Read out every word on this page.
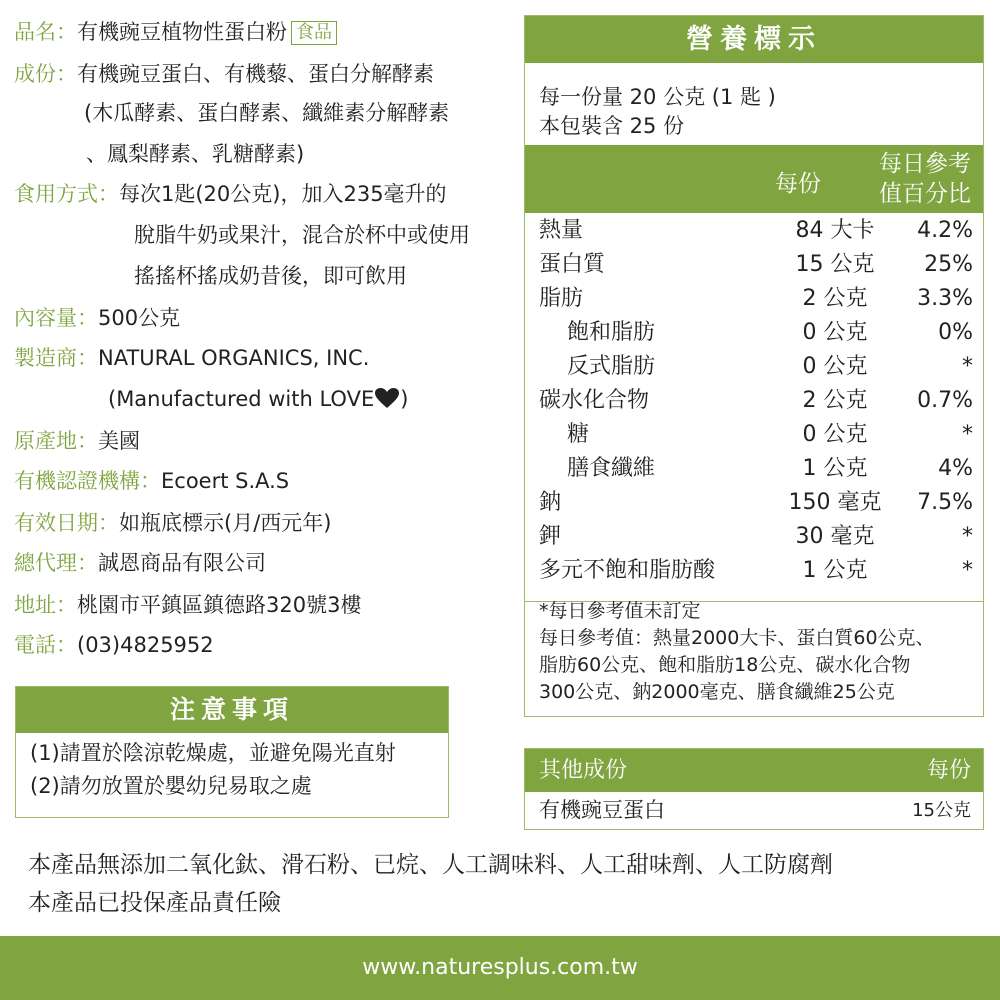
品名：有機豌豆植物性蛋白粉 食品
成份：有機豌豆蛋白、有機藜、蛋白分解酵素
(木瓜酵素、蛋白酵素、纖維素分解酵素
、鳳梨酵素、乳糖酵素)
食用方式：每次1匙(20公克)，加入235毫升的
脫脂牛奶或果汁，混合於杯中或使用
搖搖杯搖成奶昔後，即可飲用
內容量：500公克
製造商：NATURAL ORGANICS, INC.
(Manufactured with LOVE )
原產地：美國
有機認證機構：Ecoert S.A.S
有效日期：如瓶底標示(月/西元年)
總代理：誠恩商品有限公司
地址：桃園市平鎮區鎮德路320號3樓
電話：(03)4825952
注意事項
(1)請置於陰涼乾燥處，並避免陽光直射
(2)請勿放置於嬰幼兒易取之處
營養標示
每一份量 20 公克 (1 匙 )
本包裝含 25 份
每份
每日參考
值百分比
熱量	84 大卡	4.2%
蛋白質	15 公克	25%
脂肪	2 公克	3.3%
飽和脂肪	0 公克	0%
反式脂肪	0 公克	*
碳水化合物	2 公克	0.7%
糖	0 公克	*
膳食纖維	1 公克	4%
鈉	150 毫克	7.5%
鉀	30 毫克	*
多元不飽和脂肪酸	1 公克	*
*每日參考值未訂定
每日參考值：熱量2000大卡、蛋白質60公克、
脂肪60公克、飽和脂肪18公克、碳水化合物
300公克、鈉2000毫克、膳食纖維25公克
其他成份	每份
有機豌豆蛋白	15公克
本產品無添加二氧化鈦、滑石粉、已烷、人工調味料、人工甜味劑、人工防腐劑
本產品已投保產品責任險
www.naturesplus.com.tw
